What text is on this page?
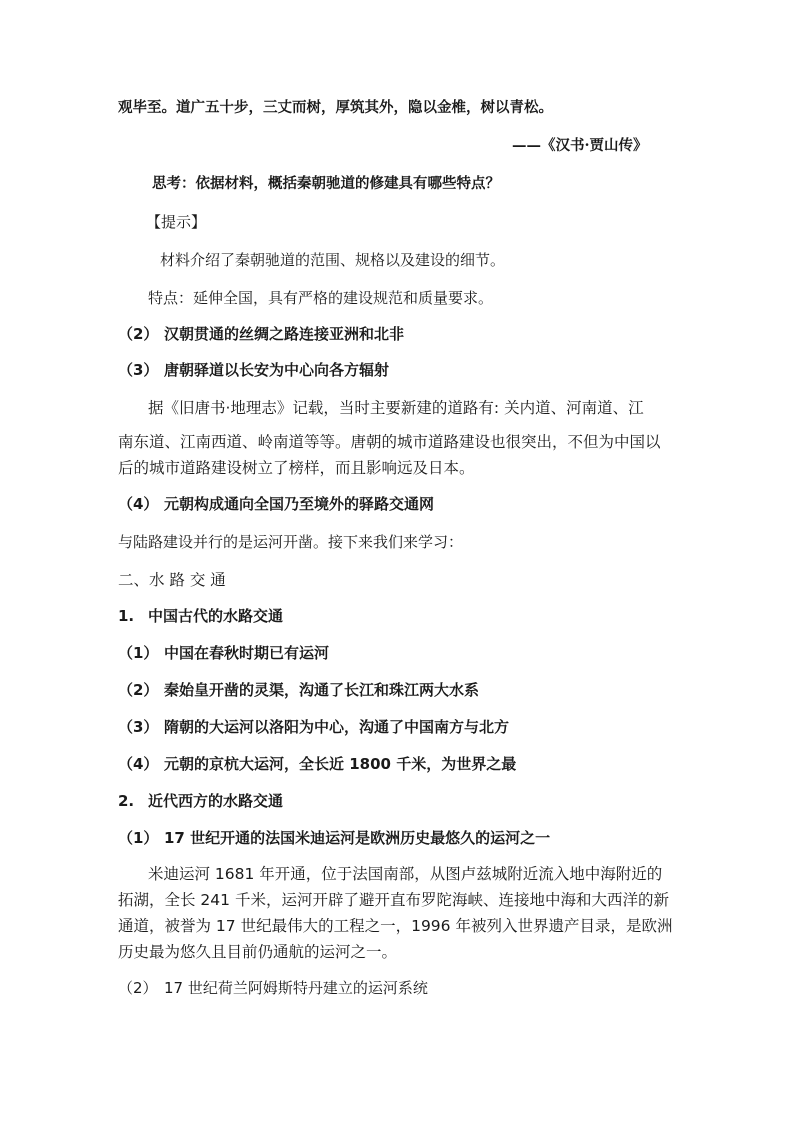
观毕至。道广五十步，三丈而树，厚筑其外，隐以金椎，树以青松。
——《汉书·贾山传》
思考：依据材料，概括秦朝驰道的修建具有哪些特点？
【提示】
材料介绍了秦朝驰道的范围、规格以及建设的细节。
特点：延伸全国，具有严格的建设规范和质量要求。
（2） 汉朝贯通的丝绸之路连接亚洲和北非
（3） 唐朝驿道以长安为中心向各方辐射
据《旧唐书·地理志》记载，当时主要新建的道路有: 关内道、河南道、江
南东道、江南西道、岭南道等等。唐朝的城市道路建设也很突出，不但为中国以
后的城市道路建设树立了榜样，而且影响远及日本。
（4） 元朝构成通向全国乃至境外的驿路交通网
与陆路建设并行的是运河开凿。接下来我们来学习：
二、水 路 交 通
1. 中国古代的水路交通
（1） 中国在春秋时期已有运河
（2） 秦始皇开凿的灵渠，沟通了长江和珠江两大水系
（3） 隋朝的大运河以洛阳为中心，沟通了中国南方与北方
（4） 元朝的京杭大运河，全长近 1800 千米，为世界之最
2. 近代西方的水路交通
（1） 17 世纪开通的法国米迪运河是欧洲历史最悠久的运河之一
米迪运河 1681 年开通，位于法国南部，从图卢兹城附近流入地中海附近的
拓湖，全长 241 千米，运河开辟了避开直布罗陀海峡、连接地中海和大西洋的新
通道，被誉为 17 世纪最伟大的工程之一，1996 年被列入世界遗产目录，是欧洲
历史最为悠久且目前仍通航的运河之一。
（2） 17 世纪荷兰阿姆斯特丹建立的运河系统
